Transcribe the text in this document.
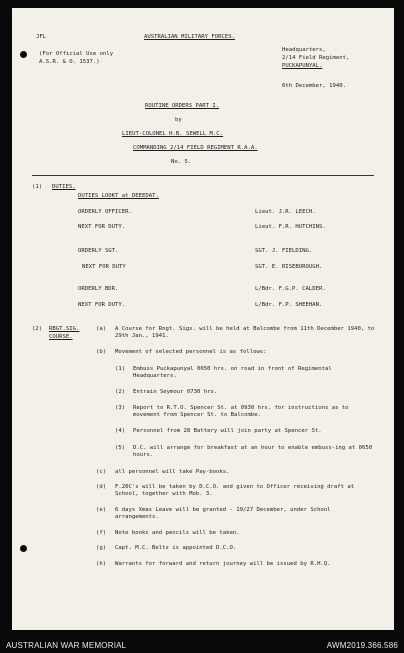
JFL	AUSTRALIAN MILITARY FORCES.
(For Official Use only
A.S.R. & O. 1537.)
Headquarters,
2/14 Field Regiment,
PUCKAPUNYAL.
6th December, 1940.
ROUTINE ORDERS PART I.
by
LIEUT-COLONEL H.B. SEWELL M.C.
COMMANDING 2/14 FIELD REGIMENT R.A.A.
No. 5.
(1) DUTIES.
DUTIES LOOKT at DEEEDAT.
ORDERLY OFFICER.	Lieut. J.R. LEECH.
NEXT FOR DUTY.	Lieut. F.R. HUTCHINS.
ORDERLY SGT.	SGT. J. FIELDING.
NEXT FOR DUTY	SGT. E. RISEBOROUGH.
ORDERLY BDR.	L/Bdr. F.G.P. CALDER.
NEXT FOR DUTY.	L/Bdr. F.P. SHEEHAN.
(2) RBGT.SIG.
COURSE.
(a) A Course for Rngt. Sigs. will be held at Balcombe from 11th December 1940, to 29th Jan., 1941.
(b) Movement of selected personnel is as follows:
(1) Embuss Puckapunyal 0650 hrs. on road in front of Regimental Headquarters.
(2) Entrain Seymour 0730 hrs.
(3) Report to R.T.O. Spencer St. at 0930 hrs. for instructions as to movement from Spencer St. to Balcombe.
(4) Personnel from 28 Battery will join party at Spencer St.
(5) D.C. will arrange for breakfast at an hour to enable embuss-ing at 0650 hours.
(c) all personnel will take Pay-books.
(d) F.20C's will be taken by D.C.O. and given to Officer receiving draft at School, together with Mob. 3.
(e) 6 days Xmas Leave will be granted - 19/27 December, under School arrangements.
(f) Note books and pencils will be taken.
(g) Capt. M.C. Beltz is appointed D.C.O.
(h) Warrants for forward and return journey will be issued by R.H.Q.
AUSTRALIAN WAR MEMORIAL	AWM2019.366.586
